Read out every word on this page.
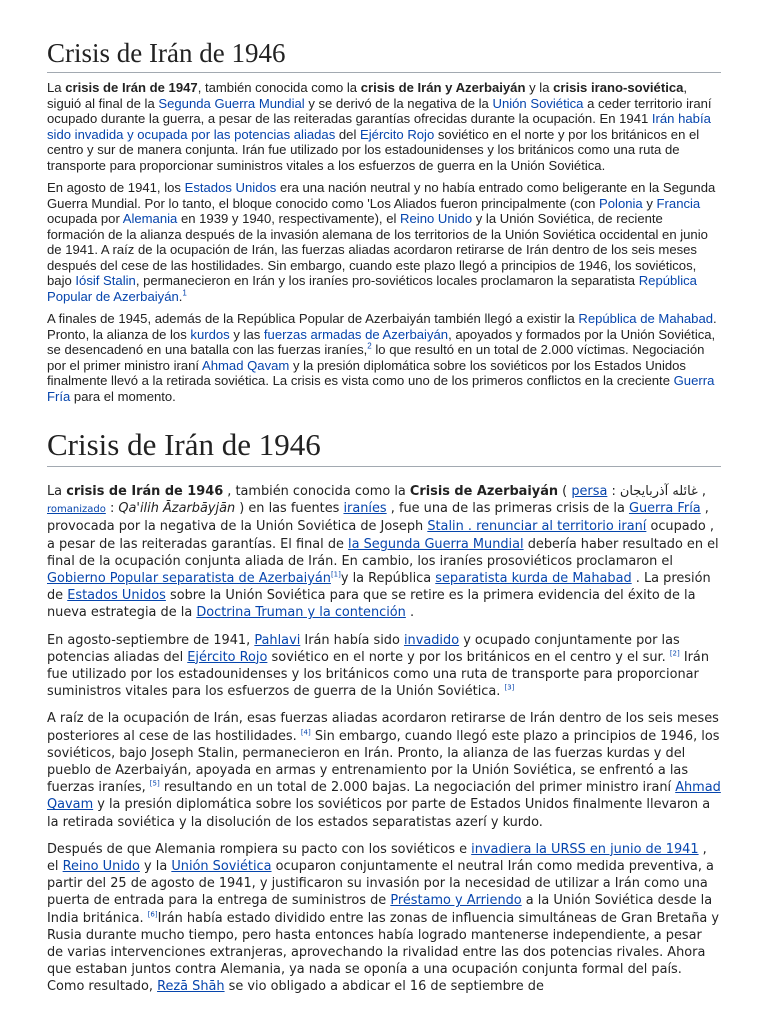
Crisis de Irán de 1946

La crisis de Irán de 1947, también conocida como la crisis de Irán y Azerbaiyán y la crisis irano-soviética, siguió al final de la Segunda Guerra Mundial y se derivó de la negativa de la Unión Soviética a ceder territorio iraní ocupado durante la guerra, a pesar de las reiteradas garantías ofrecidas durante la ocupación. En 1941 Irán había sido invadida y ocupada por las potencias aliadas del Ejército Rojo soviético en el norte y por los británicos en el centro y sur de manera conjunta. Irán fue utilizado por los estadounidenses y los británicos como una ruta de transporte para proporcionar suministros vitales a los esfuerzos de guerra en la Unión Soviética.

En agosto de 1941, los Estados Unidos era una nación neutral y no había entrado como beligerante en la Segunda Guerra Mundial. Por lo tanto, el bloque conocido como 'Los Aliados fueron principalmente (con Polonia y Francia ocupada por Alemania en 1939 y 1940, respectivamente), el Reino Unido y la Unión Soviética, de reciente formación de la alianza después de la invasión alemana de los territorios de la Unión Soviética occidental en junio de 1941. A raíz de la ocupación de Irán, las fuerzas aliadas acordaron retirarse de Irán dentro de los seis meses después del cese de las hostilidades. Sin embargo, cuando este plazo llegó a principios de 1946, los soviéticos, bajo Iósif Stalin, permanecieron en Irán y los iraníes pro-soviéticos locales proclamaron la separatista República Popular de Azerbaiyán.$^1$

A finales de 1945, además de la República Popular de Azerbaiyán también llegó a existir la República de Mahabad. Pronto, la alianza de los kurdos y las fuerzas armadas de Azerbaiyán, apoyados y formados por la Unión Soviética, se desencadenó en una batalla con las fuerzas iraníes,$^2$ lo que resultó en un total de 2.000 víctimas. Negociación por el primer ministro iraní Ahmad Qavam y la presión diplomática sobre los soviéticos por los Estados Unidos finalmente llevó a la retirada soviética. La crisis es vista como uno de los primeros conflictos en la creciente Guerra Fría para el momento.

Crisis de Irán de 1946

La crisis de Irán de 1946 , también conocida como la Crisis de Azerbaiyán ( persa : غائله آذربایجان , romanizado : Qa'ilih Āzarbāyjān ) en las fuentes iraníes , fue una de las primeras crisis de la Guerra Fría , provocada por la negativa de la Unión Soviética de Joseph Stalin . renunciar al territorio iraní ocupado , a pesar de las reiteradas garantías. El final de la Segunda Guerra Mundial debería haber resultado en el final de la ocupación conjunta aliada de Irán. En cambio, los iraníes prosoviéticos proclamaron el Gobierno Popular separatista de Azerbaiyán[1]y la República separatista kurda de Mahabad . La presión de Estados Unidos sobre la Unión Soviética para que se retire es la primera evidencia del éxito de la nueva estrategia de la Doctrina Truman y la contención .

En agosto-septiembre de 1941, Pahlavi Irán había sido invadido y ocupado conjuntamente por las potencias aliadas del Ejército Rojo soviético en el norte y por los británicos en el centro y el sur. [2] Irán fue utilizado por los estadounidenses y los británicos como una ruta de transporte para proporcionar suministros vitales para los esfuerzos de guerra de la Unión Soviética. [3]

A raíz de la ocupación de Irán, esas fuerzas aliadas acordaron retirarse de Irán dentro de los seis meses posteriores al cese de las hostilidades. [4] Sin embargo, cuando llegó este plazo a principios de 1946, los soviéticos, bajo Joseph Stalin, permanecieron en Irán. Pronto, la alianza de las fuerzas kurdas y del pueblo de Azerbaiyán, apoyada en armas y entrenamiento por la Unión Soviética, se enfrentó a las fuerzas iraníes, [5] resultando en un total de 2.000 bajas. La negociación del primer ministro iraní Ahmad Qavam y la presión diplomática sobre los soviéticos por parte de Estados Unidos finalmente llevaron a la retirada soviética y la disolución de los estados separatistas azerí y kurdo.

Después de que Alemania rompiera su pacto con los soviéticos e invadiera la URSS en junio de 1941 , el Reino Unido y la Unión Soviética ocuparon conjuntamente el neutral Irán como medida preventiva, a partir del 25 de agosto de 1941, y justificaron su invasión por la necesidad de utilizar a Irán como una puerta de entrada para la entrega de suministros de Préstamo y Arriendo a la Unión Soviética desde la India británica. [6]Irán había estado dividido entre las zonas de influencia simultáneas de Gran Bretaña y Rusia durante mucho tiempo, pero hasta entonces había logrado mantenerse independiente, a pesar de varias intervenciones extranjeras, aprovechando la rivalidad entre las dos potencias rivales. Ahora que estaban juntos contra Alemania, ya nada se oponía a una ocupación conjunta formal del país. Como resultado, Rezā Shāh se vio obligado a abdicar el 16 de septiembre de
